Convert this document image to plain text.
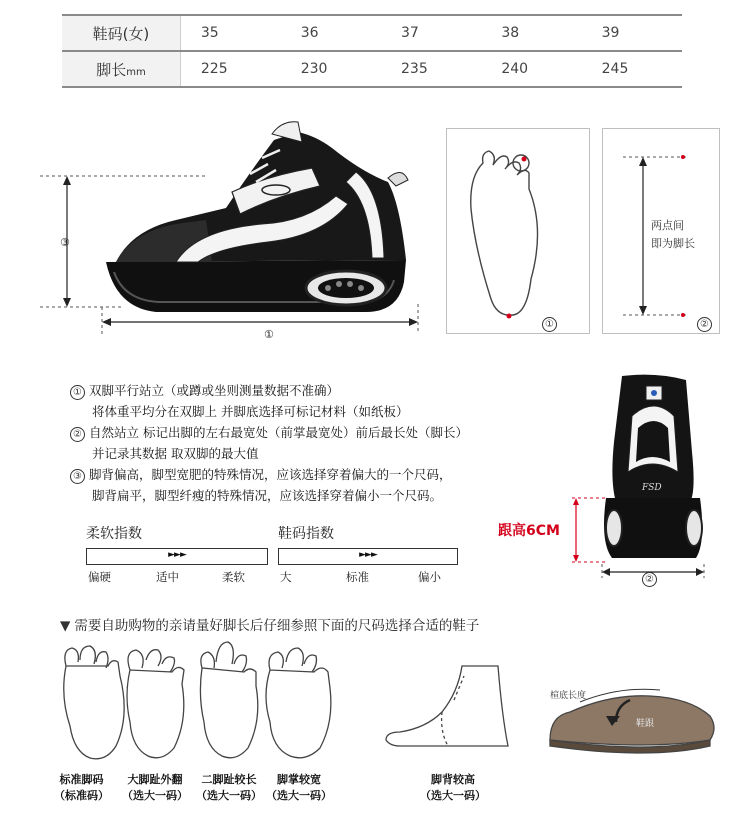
鞋码(女)	35	36	37	38	39
脚长mm	225	230	235	240	245
③
①
①
两点间
即为脚长
②
① 双脚平行站立（或蹲或坐则测量数据不准确）
将体重平均分在双脚上 并脚底选择可标记材料（如纸板）
② 自然站立 标记出脚的左右最宽处（前掌最宽处）前后最长处（脚长）
并记录其数据 取双脚的最大值
③ 脚背偏高，脚型宽肥的特殊情况，应该选择穿着偏大的一个尺码，
脚背扁平，脚型纤瘦的特殊情况，应该选择穿着偏小一个尺码。
柔软指数
►►►
偏硬	适中	柔软
鞋码指数
►►►
大	标准	偏小
FSD
②
跟高6CM
▼ 需要自助购物的亲请量好脚长后仔细参照下面的尺码选择合适的鞋子
楦底长度
鞋跟
标准脚码
（标准码）
大脚趾外翻
（选大一码）
二脚趾较长
（选大一码）
脚掌较宽
（选大一码）
脚背较高
（选大一码）
